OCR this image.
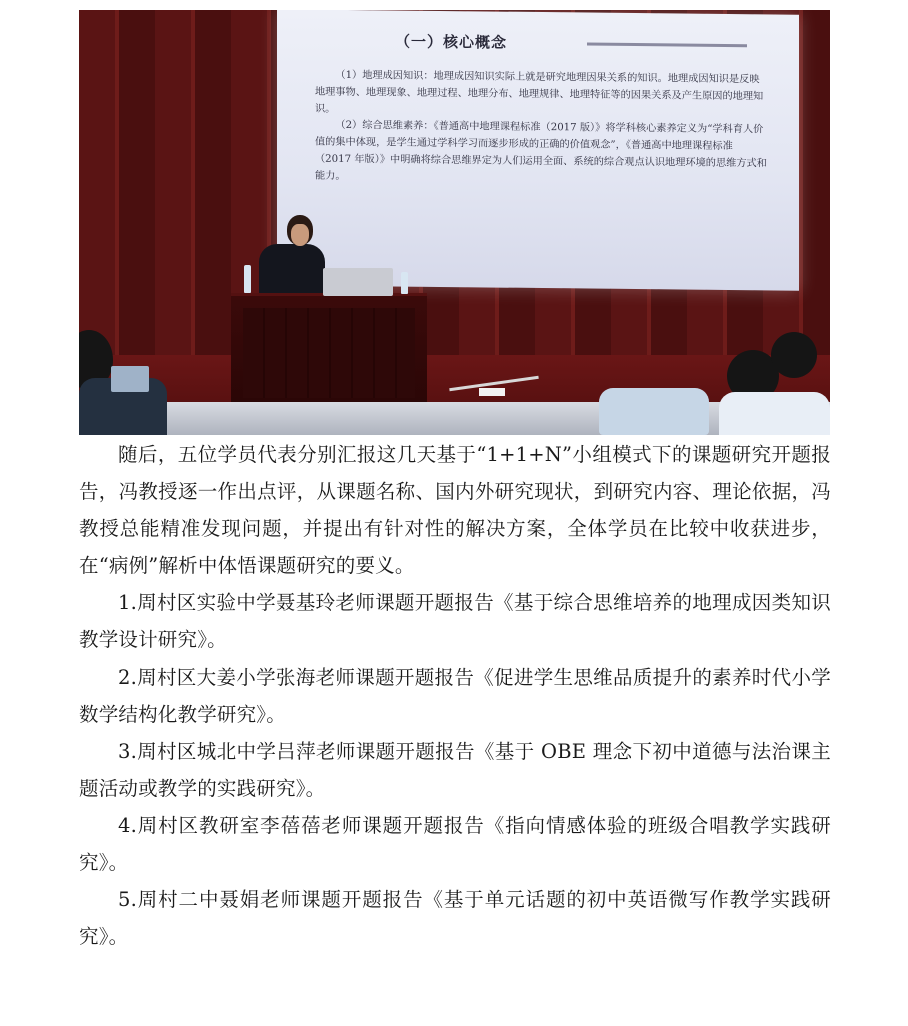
（一）核心概念

（1）地理成因知识：地理成因知识实际上就是研究地理因果关系的知识。地理成因知识是反映地理事物、地理现象、地理过程、地理分布、地理规律、地理特征等的因果关系及产生原因的地理知识。

（2）综合思维素养：《普通高中地理课程标准（2017 版）》将学科核心素养定义为“学科育人价值的集中体现，是学生通过学科学习而逐步形成的正确的价值观念”，《普通高中地理课程标准（2017 年版）》中明确将综合思维界定为人们运用全面、系统的综合观点认识地理环境的思维方式和能力。

随后，五位学员代表分别汇报这几天基于“1+1+N”小组模式下的课题研究开题报告，冯教授逐一作出点评，从课题名称、国内外研究现状，到研究内容、理论依据，冯教授总能精准发现问题，并提出有针对性的解决方案，全体学员在比较中收获进步，在“病例”解析中体悟课题研究的要义。

1.周村区实验中学聂基玲老师课题开题报告《基于综合思维培养的地理成因类知识教学设计研究》。

2.周村区大姜小学张海老师课题开题报告《促进学生思维品质提升的素养时代小学数学结构化教学研究》。

3.周村区城北中学吕萍老师课题开题报告《基于 OBE 理念下初中道德与法治课主题活动或教学的实践研究》。

4.周村区教研室李蓓蓓老师课题开题报告《指向情感体验的班级合唱教学实践研究》。

5.周村二中聂娟老师课题开题报告《基于单元话题的初中英语微写作教学实践研究》。
